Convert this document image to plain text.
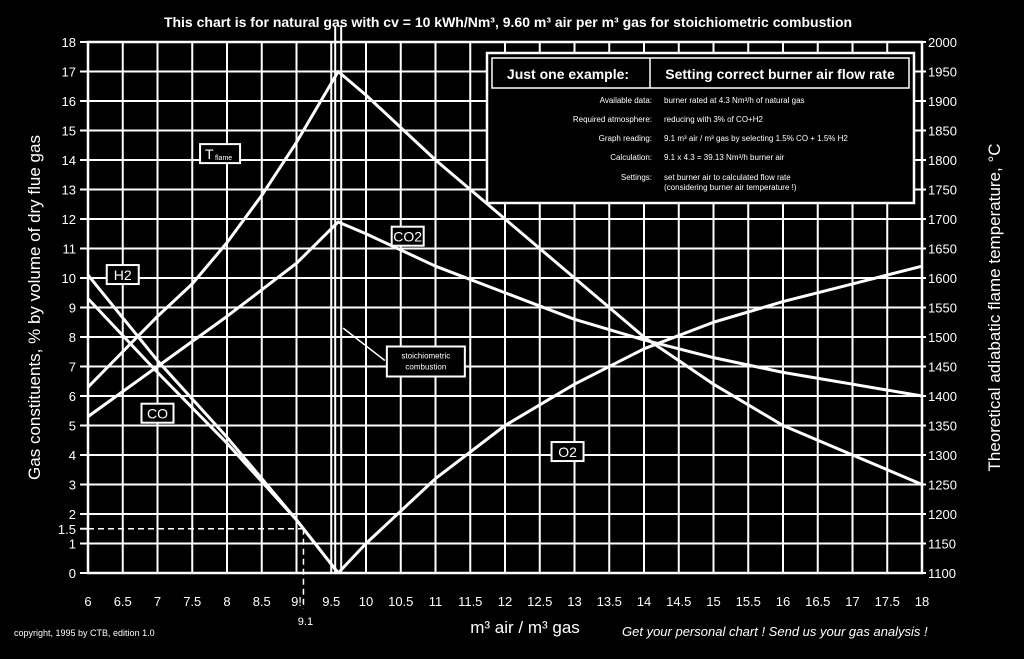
0
1
1.5
2
3
4
5
6
7
8
9
10
11
12
13
14
15
16
17
18
1100
1150
1200
1250
1300
1350
1400
1450
1500
1550
1600
1650
1700
1750
1800
1850
1900
1950
2000
6 6.5 7 7.5 8 8.5 9! 9.5 10 10.5 11 11.5 12 12.5 13 13.5 14 14.5 15 15.5 16 16.5 17 17.5 18
m³ air / m³ gas
Gas constituents, % by volume of dry flue gas	Theoretical adiabatic flame temperature, °C
9.1
T flame
CO2
H2
CO
O2
stoichiometric
combustion
Just one example:	Setting correct burner air flow rate
Available data: burner rated at 4.3 Nm³/h of natural gas
Required atmosphere: reducing with 3% of CO+H2
Graph reading: 9.1 m³ air / m³ gas by selecting 1.5% CO + 1.5% H2
Calculation: 9.1 x 4.3 = 39.13 Nm³/h burner air
Settings: set burner air to calculated flow rate
(considering burner air temperature !)
This chart is for natural gas with cv = 10 kWh/Nm³, 9.60 m³ air per m³ gas for stoichiometric combustion
copyright, 1995 by CTB, edition 1.0	Get your personal chart ! Send us your gas analysis !
